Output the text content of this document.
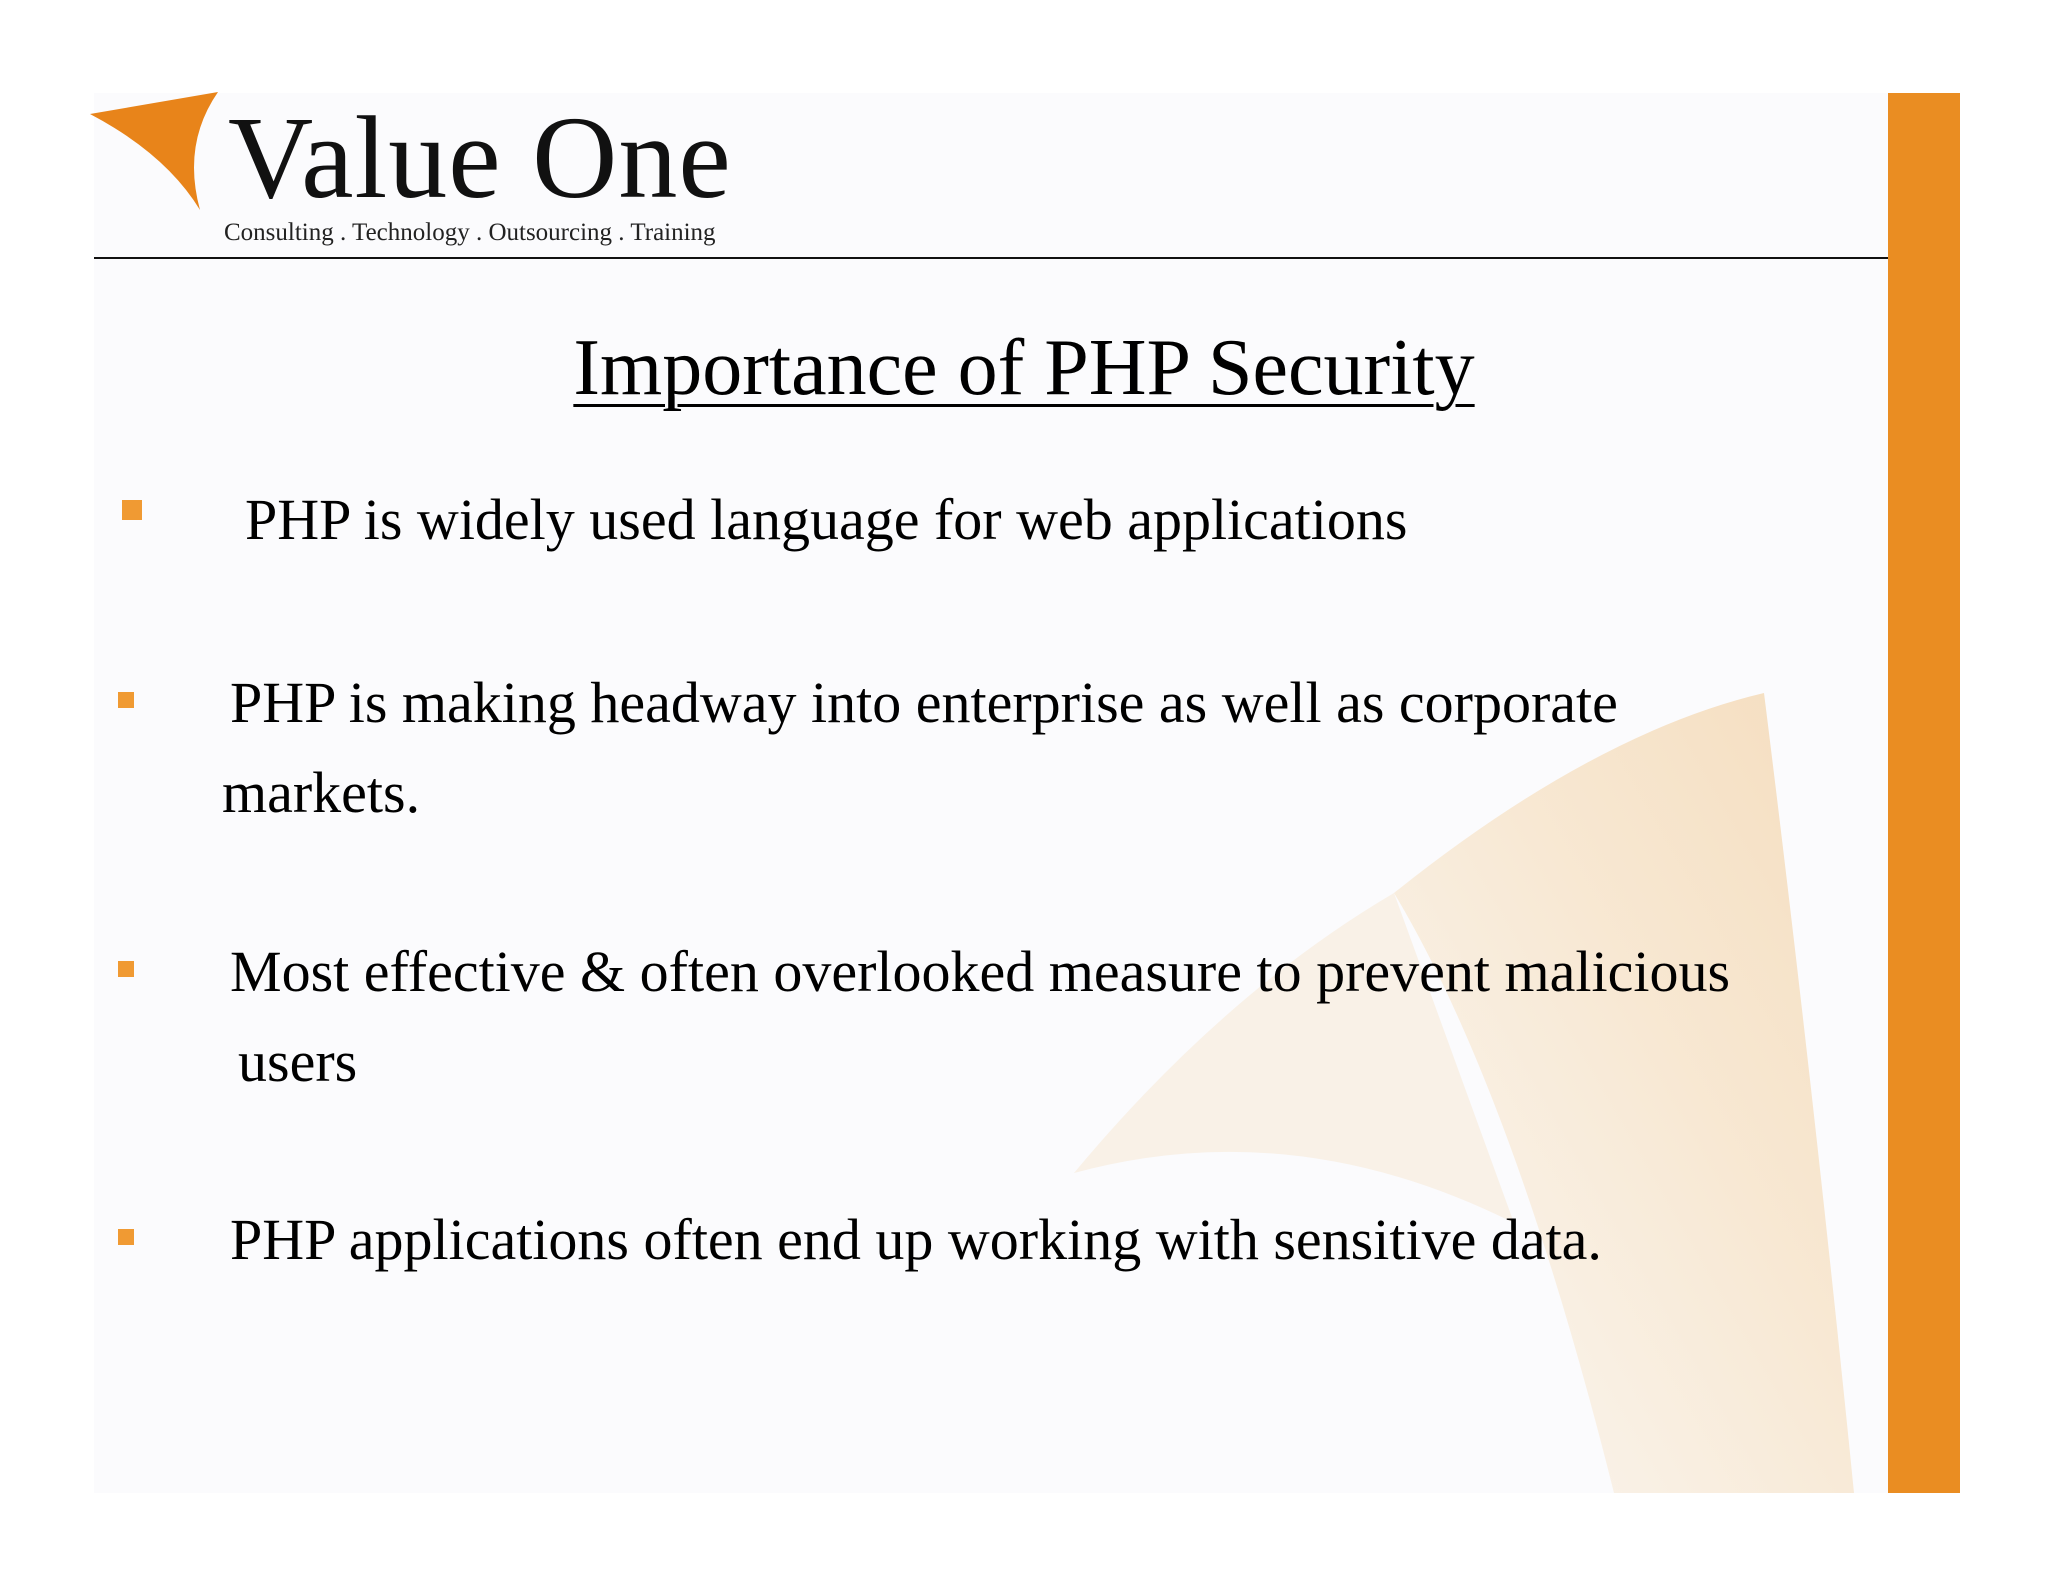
Value One
Consulting . Technology . Outsourcing . Training
Importance of PHP Security
PHP is widely used language for web applications
PHP is making headway into enterprise as well as corporate
markets.
Most effective & often overlooked measure to prevent malicious
users
PHP applications often end up working with sensitive data.
